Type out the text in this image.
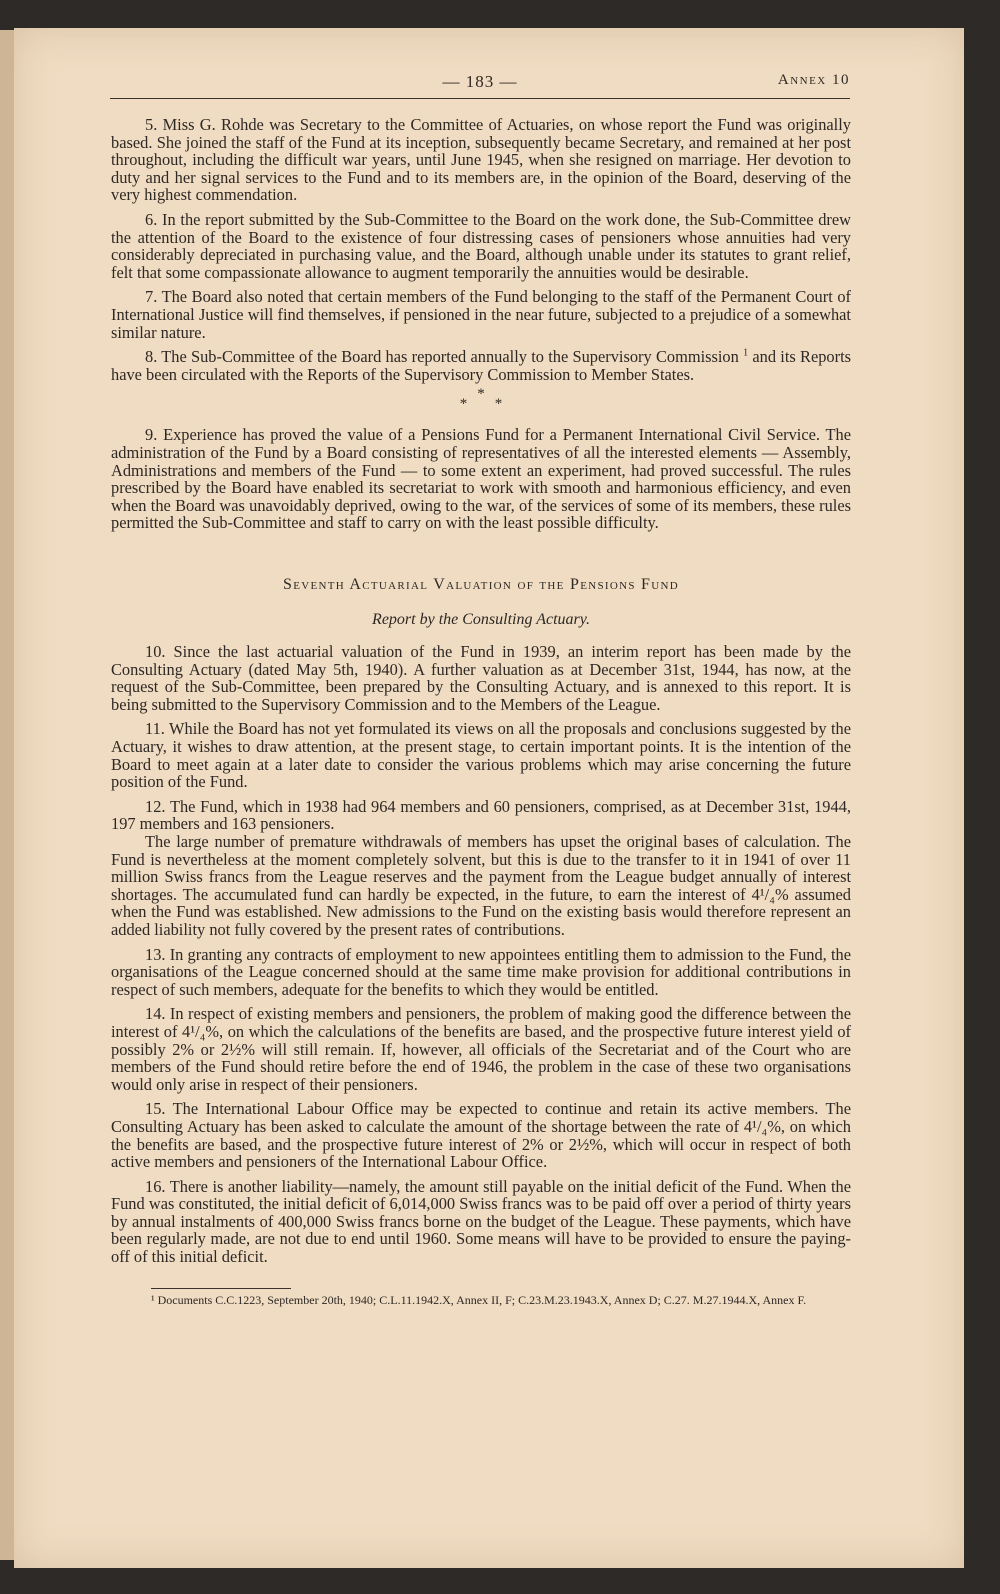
— 183 —	Annex 10

5. Miss G. Rohde was Secretary to the Committee of Actuaries, on whose report the Fund was originally based. She joined the staff of the Fund at its inception, subsequently became Secretary, and remained at her post throughout, including the difficult war years, until June 1945, when she resigned on marriage. Her devotion to duty and her signal services to the Fund and to its members are, in the opinion of the Board, deserving of the very highest commendation.

6. In the report submitted by the Sub-Committee to the Board on the work done, the Sub-Committee drew the attention of the Board to the existence of four distressing cases of pensioners whose annuities had very considerably depreciated in purchasing value, and the Board, although unable under its statutes to grant relief, felt that some compassionate allowance to augment temporarily the annuities would be desirable.

7. The Board also noted that certain members of the Fund belonging to the staff of the Permanent Court of International Justice will find themselves, if pensioned in the near future, subjected to a prejudice of a somewhat similar nature.

8. The Sub-Committee of the Board has reported annually to the Supervisory Commission $^1$ and its Reports have been circulated with the Reports of the Supervisory Commission to Member States.

***

9. Experience has proved the value of a Pensions Fund for a Permanent International Civil Service. The administration of the Fund by a Board consisting of representatives of all the interested elements — Assembly, Administrations and members of the Fund — to some extent an experiment, had proved successful. The rules prescribed by the Board have enabled its secretariat to work with smooth and harmonious efficiency, and even when the Board was unavoidably deprived, owing to the war, of the services of some of its members, these rules permitted the Sub-Committee and staff to carry on with the least possible difficulty.

Seventh Actuarial Valuation of the Pensions Fund
Report by the Consulting Actuary.

10. Since the last actuarial valuation of the Fund in 1939, an interim report has been made by the Consulting Actuary (dated May 5th, 1940). A further valuation as at December 31st, 1944, has now, at the request of the Sub-Committee, been prepared by the Consulting Actuary, and is annexed to this report. It is being submitted to the Supervisory Commission and to the Members of the League.

11. While the Board has not yet formulated its views on all the proposals and conclusions suggested by the Actuary, it wishes to draw attention, at the present stage, to certain important points. It is the intention of the Board to meet again at a later date to consider the various problems which may arise concerning the future position of the Fund.

12. The Fund, which in 1938 had 964 members and 60 pensioners, comprised, as at December 31st, 1944, 197 members and 163 pensioners.

The large number of premature withdrawals of members has upset the original bases of calculation. The Fund is nevertheless at the moment completely solvent, but this is due to the transfer to it in 1941 of over 11 million Swiss francs from the League reserves and the payment from the League budget annually of interest shortages. The accumulated fund can hardly be expected, in the future, to earn the interest of 4¹/₄% assumed when the Fund was established. New admissions to the Fund on the existing basis would therefore represent an added liability not fully covered by the present rates of contributions.

13. In granting any contracts of employment to new appointees entitling them to admission to the Fund, the organisations of the League concerned should at the same time make provision for additional contributions in respect of such members, adequate for the benefits to which they would be entitled.

14. In respect of existing members and pensioners, the problem of making good the difference between the interest of 4¹/₄%, on which the calculations of the benefits are based, and the prospective future interest yield of possibly 2% or 2½% will still remain. If, however, all officials of the Secretariat and of the Court who are members of the Fund should retire before the end of 1946, the problem in the case of these two organisations would only arise in respect of their pensioners.

15. The International Labour Office may be expected to continue and retain its active members. The Consulting Actuary has been asked to calculate the amount of the shortage between the rate of 4¹/₄%, on which the benefits are based, and the prospective future interest of 2% or 2½%, which will occur in respect of both active members and pensioners of the International Labour Office.

16. There is another liability—namely, the amount still payable on the initial deficit of the Fund. When the Fund was constituted, the initial deficit of 6,014,000 Swiss francs was to be paid off over a period of thirty years by annual instalments of 400,000 Swiss francs borne on the budget of the League. These payments, which have been regularly made, are not due to end until 1960. Some means will have to be provided to ensure the paying-off of this initial deficit.

¹ Documents C.C.1223, September 20th, 1940; C.L.11.1942.X, Annex II, F; C.23.M.23.1943.X, Annex D; C.27. M.27.1944.X, Annex F.
